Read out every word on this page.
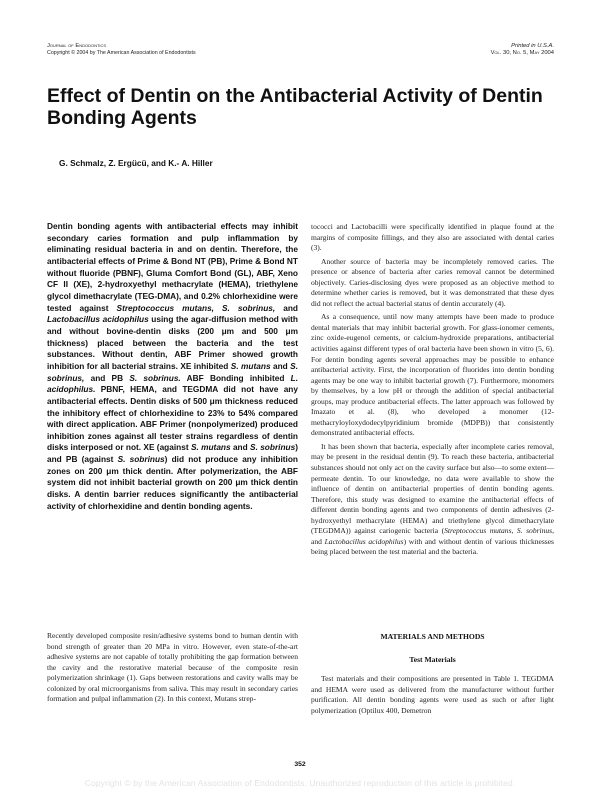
Journal of Endodontics
Copyright © 2004 by The American Association of Endodontists
Printed in U.S.A.
Vol. 30, No. 5, May 2004
Effect of Dentin on the Antibacterial Activity of Dentin Bonding Agents
G. Schmalz, Z. Ergücü, and K.- A. Hiller

Dentin bonding agents with antibacterial effects may inhibit secondary caries formation and pulp inflammation by eliminating residual bacteria in and on dentin. Therefore, the antibacterial effects of Prime & Bond NT (PB), Prime & Bond NT without fluoride (PBNF), Gluma Comfort Bond (GL), ABF, Xeno CF II (XE), 2-hydroxyethyl methacrylate (HEMA), triethylene glycol dimethacrylate (TEG-DMA), and 0.2% chlorhexidine were tested against Streptococcus mutans, S. sobrinus, and Lactobacillus acidophilus using the agar-diffusion method with and without bovine-dentin disks (200 μm and 500 μm thickness) placed between the bacteria and the test substances. Without dentin, ABF Primer showed growth inhibition for all bacterial strains. XE inhibited S. mutans and S. sobrinus, and PB S. sobrinus. ABF Bonding inhibited L. acidophilus. PBNF, HEMA, and TEGDMA did not have any antibacterial effects. Dentin disks of 500 μm thickness reduced the inhibitory effect of chlorhexidine to 23% to 54% compared with direct application. ABF Primer (nonpolymerized) produced inhibition zones against all tester strains regardless of dentin disks interposed or not. XE (against S. mutans and S. sobrinus) and PB (against S. sobrinus) did not produce any inhibition zones on 200 μm thick dentin. After polymerization, the ABF system did not inhibit bacterial growth on 200 μm thick dentin disks. A dentin barrier reduces significantly the antibacterial activity of chlorhexidine and dentin bonding agents.

Recently developed composite resin/adhesive systems bond to human dentin with bond strength of greater than 20 MPa in vitro. However, even state-of-the-art adhesive systems are not capable of totally prohibiting the gap formation between the cavity and the restorative material because of the composite resin polymerization shrinkage (1). Gaps between restorations and cavity walls may be colonized by oral microorganisms from saliva. This may result in secondary caries formation and pulpal inflammation (2). In this context, Mutans strep-

tococci and Lactobacilli were specifically identified in plaque found at the margins of composite fillings, and they also are associated with dental caries (3).

Another source of bacteria may be incompletely removed caries. The presence or absence of bacteria after caries removal cannot be determined objectively. Caries-disclosing dyes were proposed as an objective method to determine whether caries is removed, but it was demonstrated that these dyes did not reflect the actual bacterial status of dentin accurately (4).

As a consequence, until now many attempts have been made to produce dental materials that may inhibit bacterial growth. For glass-ionomer cements, zinc oxide-eugenol cements, or calcium-hydroxide preparations, antibacterial activities against different types of oral bacteria have been shown in vitro (5, 6). For dentin bonding agents several approaches may be possible to enhance antibacterial activity. First, the incorporation of fluorides into dentin bonding agents may be one way to inhibit bacterial growth (7). Furthermore, monomers by themselves, by a low pH or through the addition of special antibacterial groups, may produce antibacterial effects. The latter approach was followed by Imazato et al. (8), who developed a monomer (12-methacryloyloxydodecylpyridinium bromide (MDPB)) that consistently demonstrated antibacterial effects.

It has been shown that bacteria, especially after incomplete caries removal, may be present in the residual dentin (9). To reach these bacteria, antibacterial substances should not only act on the cavity surface but also—to some extent—permeate dentin. To our knowledge, no data were available to show the influence of dentin on antibacterial properties of dentin bonding agents. Therefore, this study was designed to examine the antibacterial effects of different dentin bonding agents and two components of dentin adhesives (2-hydroxyethyl methacrylate (HEMA) and triethylene glycol dimethacrylate (TEGDMA)) against cariogenic bacteria (Streptococcus mutans, S. sobrinus, and Lactobacillus acidophilus) with and without dentin of various thicknesses being placed between the test material and the bacteria.

MATERIALS AND METHODS
Test Materials

Test materials and their compositions are presented in Table 1. TEGDMA and HEMA were used as delivered from the manufacturer without further purification. All dentin bonding agents were used as such or after light polymerization (Optilux 400, Demetron

352
Copyright © by the American Association of Endodontists. Unauthorized reproduction of this article is prohibited.
